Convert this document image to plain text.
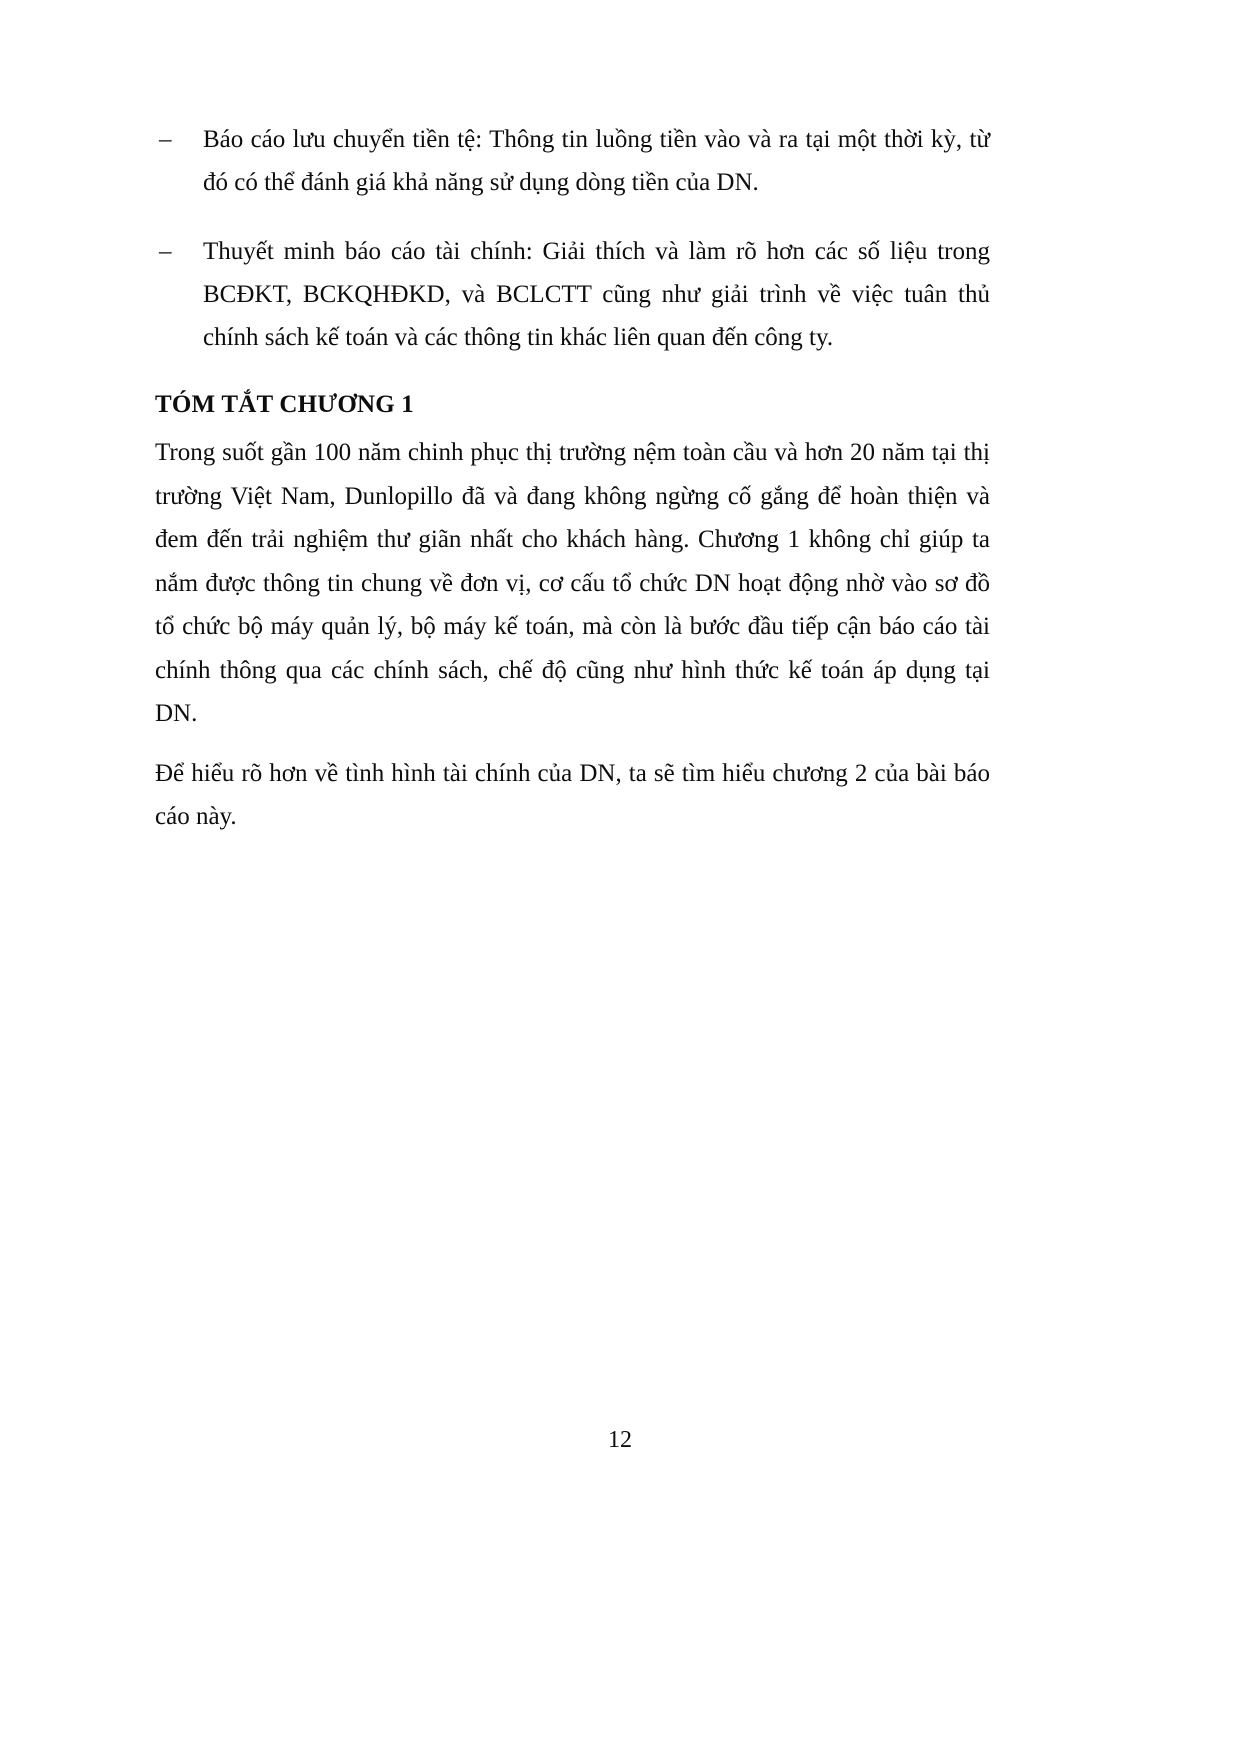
– Báo cáo lưu chuyển tiền tệ: Thông tin luồng tiền vào và ra tại một thời kỳ, từ đó có thể đánh giá khả năng sử dụng dòng tiền của DN.
– Thuyết minh báo cáo tài chính: Giải thích và làm rõ hơn các số liệu trong BCĐKT, BCKQHĐKD, và BCLCTT cũng như giải trình về việc tuân thủ chính sách kế toán và các thông tin khác liên quan đến công ty.
TÓM TẮT CHƯƠNG 1

Trong suốt gần 100 năm chinh phục thị trường nệm toàn cầu và hơn 20 năm tại thị trường Việt Nam, Dunlopillo đã và đang không ngừng cố gắng để hoàn thiện và đem đến trải nghiệm thư giãn nhất cho khách hàng. Chương 1 không chỉ giúp ta nắm được thông tin chung về đơn vị, cơ cấu tổ chức DN hoạt động nhờ vào sơ đồ tổ chức bộ máy quản lý, bộ máy kế toán, mà còn là bước đầu tiếp cận báo cáo tài chính thông qua các chính sách, chế độ cũng như hình thức kế toán áp dụng tại DN.

Để hiểu rõ hơn về tình hình tài chính của DN, ta sẽ tìm hiểu chương 2 của bài báo cáo này.

12
